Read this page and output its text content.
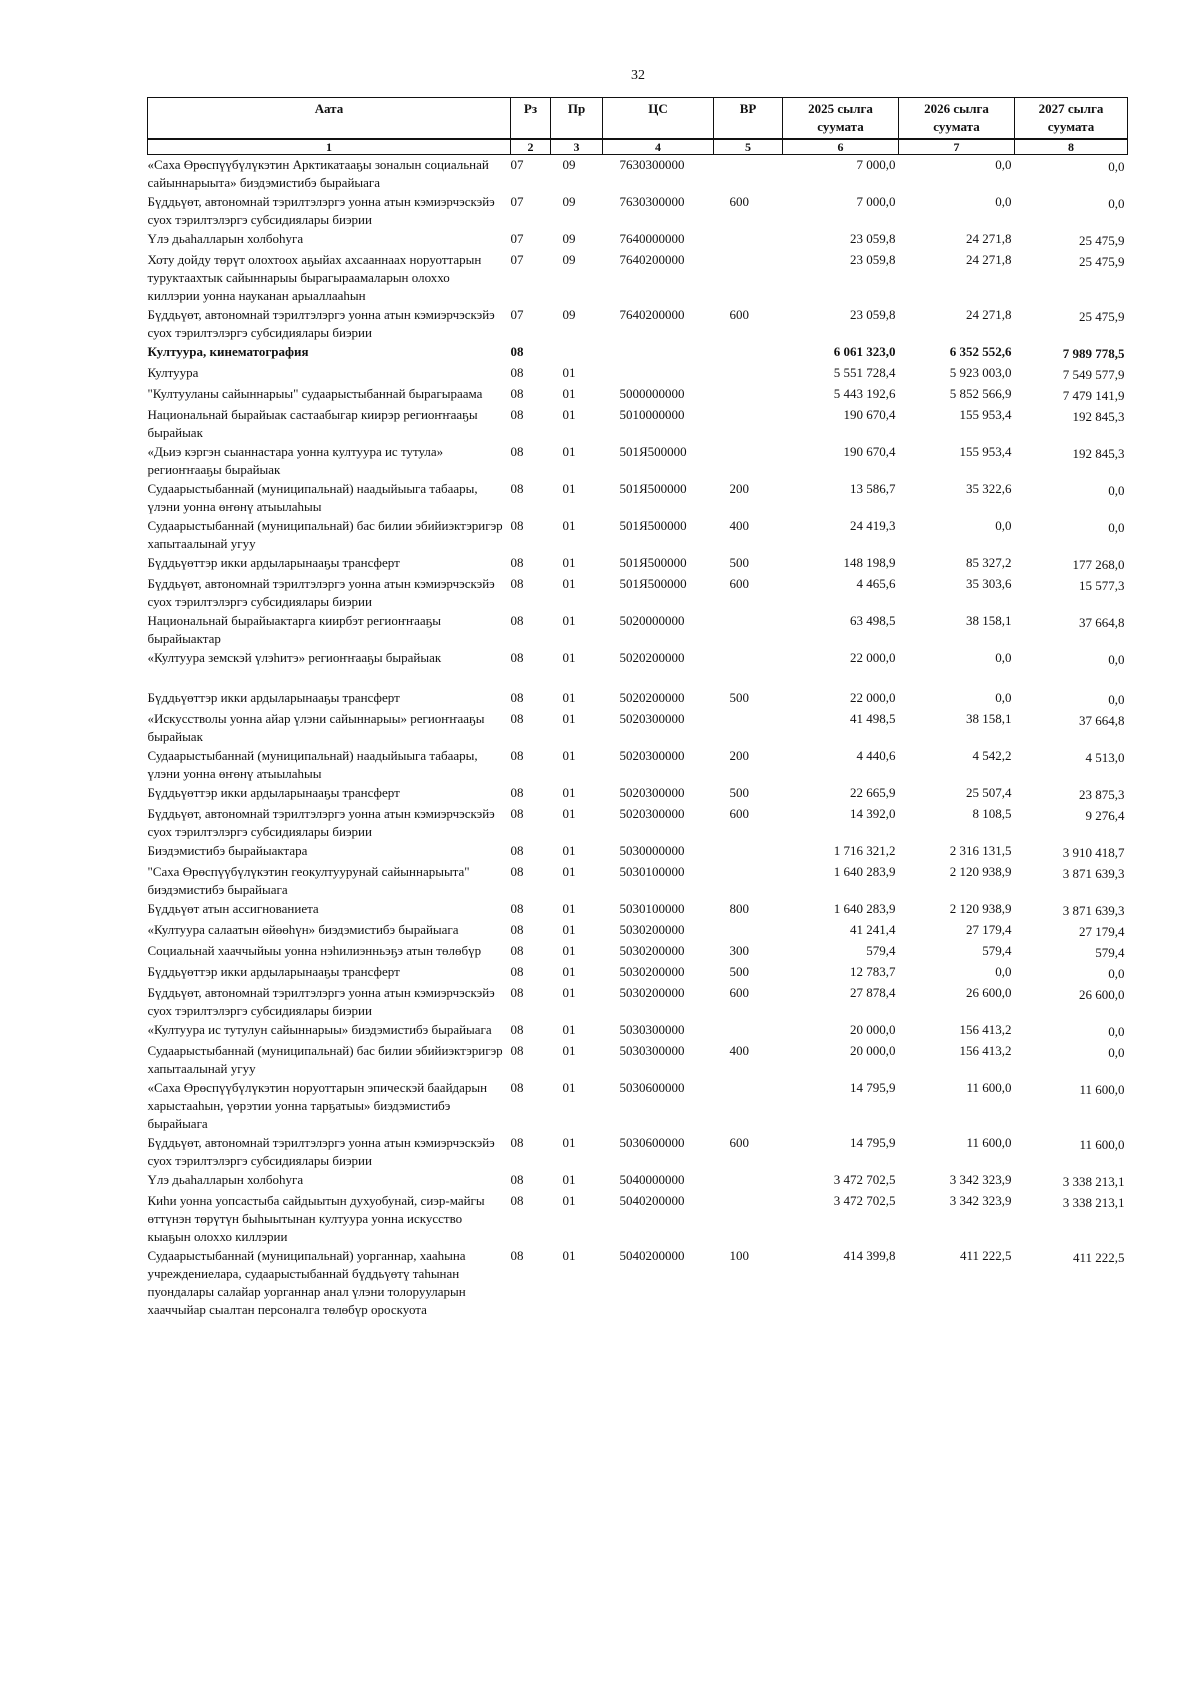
32
Аата	Рз	Пр	ЦС	ВР	2025 сылга суумата	2026 сылга суумата	2027 сылга суумата
1	2	3	4	5	6	7	8
«Саха Өрөспүүбүлүкэтин Арктикатааҕы зоналын социальнай сайыннарыыта» биэдэмистибэ бырайыага	07	09	7630300000		7 000,0	0,0	0,0
Бүддьүөт, автономнай тэрилтэлэргэ уонна атын кэмиэрчэскэйэ суох тэрилтэлэргэ субсидиялары биэрии	07	09	7630300000	600	7 000,0	0,0	0,0
Үлэ дьаһалларын холбоһуга	07	09	7640000000		23 059,8	24 271,8	25 475,9
Хоту дойду төрүт олохтоох аҕыйах ахсааннаах норуоттарын туруктаахтык сайыннарыы бырагыраамаларын олоххо киллэрии уонна науканан арыаллааһын	07	09	7640200000		23 059,8	24 271,8	25 475,9
Бүддьүөт, автономнай тэрилтэлэргэ уонна атын кэмиэрчэскэйэ суох тэрилтэлэргэ субсидиялары биэрии	07	09	7640200000	600	23 059,8	24 271,8	25 475,9
Култуура, кинематография	08				6 061 323,0	6 352 552,6	7 989 778,5
Култуура	08	01			5 551 728,4	5 923 003,0	7 549 577,9
"Култууланы сайыннарыы" судаарыстыбаннай бырагыраама	08	01	5000000000		5 443 192,6	5 852 566,9	7 479 141,9
Национальнай бырайыак састаабыгар киирэр региоҥҥааҕы бырайыак	08	01	5010000000		190 670,4	155 953,4	192 845,3
«Дьиэ кэргэн сыаннастара уонна култуура ис тутула» региоҥҥааҕы бырайыак	08	01	501Я500000		190 670,4	155 953,4	192 845,3
Судаарыстыбаннай (муниципальнай) наадыйыыга табаары, үлэни уонна өҥөнү атыылаһыы	08	01	501Я500000	200	13 586,7	35 322,6	0,0
Судаарыстыбаннай (муниципальнай) бас билии эбийиэктэригэр хапытаалынай угуу	08	01	501Я500000	400	24 419,3	0,0	0,0
Бүддьүөттэр икки ардыларынааҕы трансферт	08	01	501Я500000	500	148 198,9	85 327,2	177 268,0
Бүддьүөт, автономнай тэрилтэлэргэ уонна атын кэмиэрчэскэйэ суох тэрилтэлэргэ субсидиялары биэрии	08	01	501Я500000	600	4 465,6	35 303,6	15 577,3
Национальнай бырайыактарга киирбэт региоҥҥааҕы бырайыактар	08	01	5020000000		63 498,5	38 158,1	37 664,8
«Култуура земскэй үлэһитэ» региоҥҥааҕы бырайыак	08	01	5020200000		22 000,0	0,0	0,0
Бүддьүөттэр икки ардыларынааҕы трансферт	08	01	5020200000	500	22 000,0	0,0	0,0
«Искусстволы уонна айар үлэни сайыннарыы» региоҥҥааҕы бырайыак	08	01	5020300000		41 498,5	38 158,1	37 664,8
Судаарыстыбаннай (муниципальнай) наадыйыыга табаары, үлэни уонна өҥөнү атыылаһыы	08	01	5020300000	200	4 440,6	4 542,2	4 513,0
Бүддьүөттэр икки ардыларынааҕы трансферт	08	01	5020300000	500	22 665,9	25 507,4	23 875,3
Бүддьүөт, автономнай тэрилтэлэргэ уонна атын кэмиэрчэскэйэ суох тэрилтэлэргэ субсидиялары биэрии	08	01	5020300000	600	14 392,0	8 108,5	9 276,4
Биэдэмистибэ бырайыактара	08	01	5030000000		1 716 321,2	2 316 131,5	3 910 418,7
"Саха Өрөспүүбүлүкэтин геокултуурунай сайыннарыыта" биэдэмистибэ бырайыага	08	01	5030100000		1 640 283,9	2 120 938,9	3 871 639,3
Бүддьүөт атын ассигнованиета	08	01	5030100000	800	1 640 283,9	2 120 938,9	3 871 639,3
«Култуура салаатын өйөөһүн» биэдэмистибэ бырайыага	08	01	5030200000		41 241,4	27 179,4	27 179,4
Социальнай хааччыйыы уонна нэһилиэнньэҕэ атын төлөбүр	08	01	5030200000	300	579,4	579,4	579,4
Бүддьүөттэр икки ардыларынааҕы трансферт	08	01	5030200000	500	12 783,7	0,0	0,0
Бүддьүөт, автономнай тэрилтэлэргэ уонна атын кэмиэрчэскэйэ суох тэрилтэлэргэ субсидиялары биэрии	08	01	5030200000	600	27 878,4	26 600,0	26 600,0
«Култуура ис тутулун сайыннарыы» биэдэмистибэ бырайыага	08	01	5030300000		20 000,0	156 413,2	0,0
Судаарыстыбаннай (муниципальнай) бас билии эбийиэктэригэр хапытаалынай угуу	08	01	5030300000	400	20 000,0	156 413,2	0,0
«Саха Өрөспүүбүлүкэтин норуоттарын эпическэй баайдарын харыстааһын, үөрэтии уонна тарҕатыы» биэдэмистибэ бырайыага	08	01	5030600000		14 795,9	11 600,0	11 600,0
Бүддьүөт, автономнай тэрилтэлэргэ уонна атын кэмиэрчэскэйэ суох тэрилтэлэргэ субсидиялары биэрии	08	01	5030600000	600	14 795,9	11 600,0	11 600,0
Үлэ дьаһалларын холбоһуга	08	01	5040000000		3 472 702,5	3 342 323,9	3 338 213,1
Киһи уонна уопсастыба сайдыытын духуобунай, сиэр-майгы өттүнэн төрүтүн быһыытынан култуура уонна искусство кыаҕын олоххо киллэрии	08	01	5040200000		3 472 702,5	3 342 323,9	3 338 213,1
Судаарыстыбаннай (муниципальнай) уорганнар, хааһына учреждениелара, судаарыстыбаннай бүддьүөтү таһынан пуондалары салайар уорганнар анал үлэни толорууларын хааччыйар сыалтан персоналга төлөбүр ороскуота	08	01	5040200000	100	414 399,8	411 222,5	411 222,5
